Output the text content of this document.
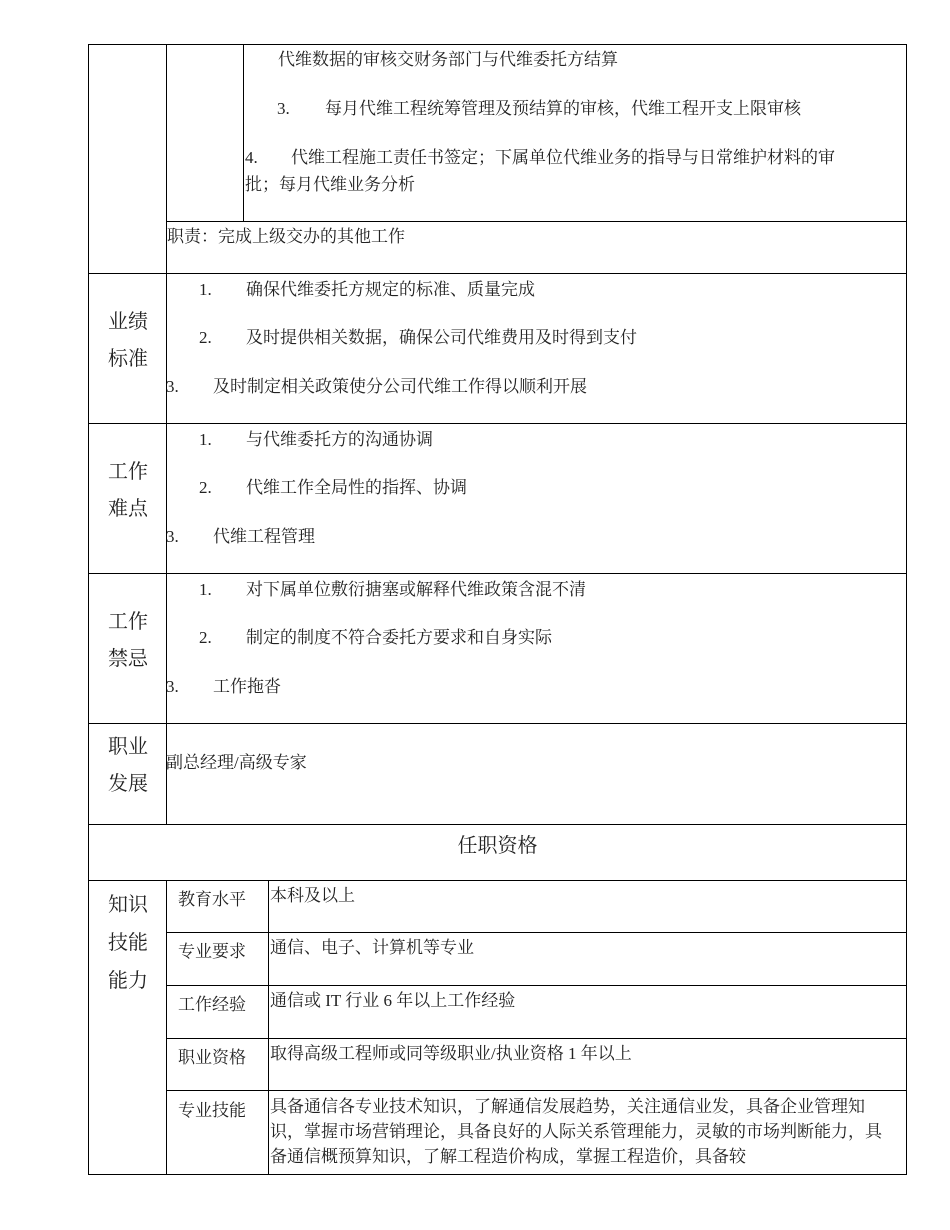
代维数据的审核交财务部门与代维委托方结算
3. 每月代维工程统筹管理及预结算的审核，代维工程开支上限审核
4. 代维工程施工责任书签定；下属单位代维业务的指导与日常维护材料的审
批；每月代维业务分析
职责：完成上级交办的其他工作
业绩
标准
1. 确保代维委托方规定的标准、质量完成
2. 及时提供相关数据，确保公司代维费用及时得到支付
3. 及时制定相关政策使分公司代维工作得以顺利开展
工作
难点
1. 与代维委托方的沟通协调
2. 代维工作全局性的指挥、协调
3. 代维工程管理
工作
禁忌
1. 对下属单位敷衍搪塞或解释代维政策含混不清
2. 制定的制度不符合委托方要求和自身实际
3. 工作拖沓
职业
发展
副总经理/高级专家
任职资格
知识
技能
能力
教育水平 本科及以上
专业要求 通信、电子、计算机等专业
工作经验 通信或 IT 行业 6 年以上工作经验
职业资格 取得高级工程师或同等级职业/执业资格 1 年以上
专业技能 具备通信各专业技术知识，了解通信发展趋势，关注通信业发，具备企业管理知识，掌握市场营销理论，具备良好的人际关系管理能力，灵敏的市场判断能力，具备通信概预算知识，了解工程造价构成，掌握工程造价，具备较
